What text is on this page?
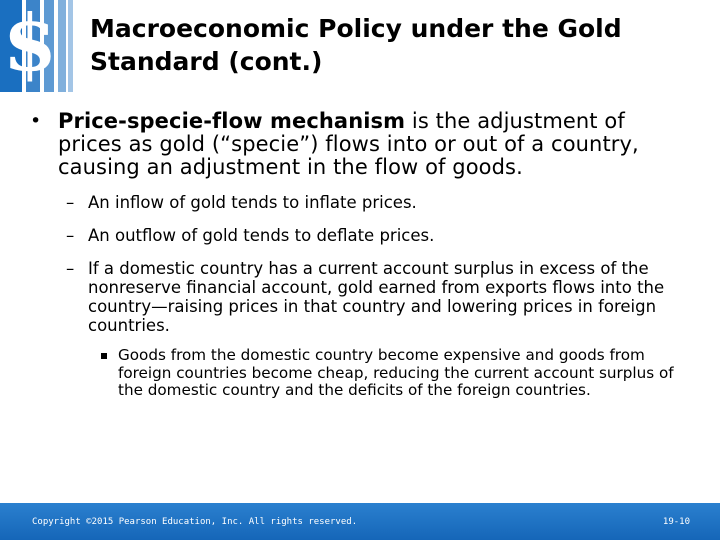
$ Macroeconomic Policy under the Gold
Standard (cont.)
• Price-specie-flow mechanism is the adjustment of prices as gold (“specie”) flows into or out of a country, causing an adjustment in the flow of goods.
– An inflow of gold tends to inflate prices.
– An outflow of gold tends to deflate prices.
– If a domestic country has a current account surplus in excess of the nonreserve financial account, gold earned from exports flows into the country—raising prices in that country and lowering prices in foreign countries.
Goods from the domestic country become expensive and goods from foreign countries become cheap, reducing the current account surplus of the domestic country and the deficits of the foreign countries.
Copyright ©2015 Pearson Education, Inc. All rights reserved.	19-10
